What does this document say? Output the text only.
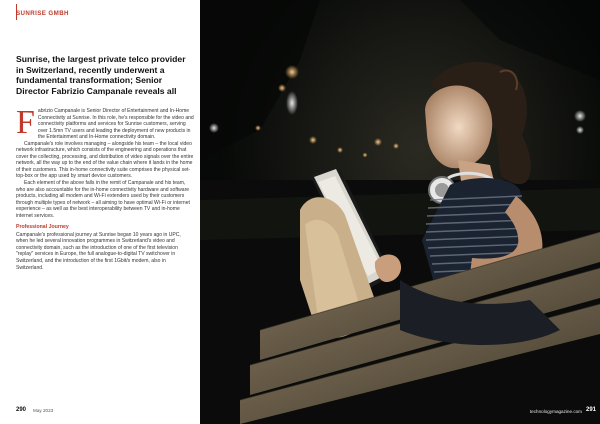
SUNRISE GMBH
Sunrise, the largest private telco provider in Switzerland, recently underwent a fundamental transformation; Senior Director Fabrizio Campanale reveals all
F abrizio Campanale is Senior Director of Entertainment and In-Home Connectivity at Sunrise. In this role, he's responsible for the video and connectivity platforms and services for Sunrise customers, serving over 1.5mn TV users and leading the deployment of new products in the Entertainment and In-Home connectivity domain.

Campanale's role involves managing – alongside his team – the local video network infrastructure, which consists of the engineering and operations that cover the collecting, processing, and distribution of video signals over the entire network, all the way up to the end of the value chain where it lands in the home of their customers. This in-home connectivity suite comprises the physical set-top-box or the app used by smart device customers.

Each element of the above falls in the remit of Campanale and his team, who are also accountable for the in-home connectivity hardware and software products, including all modem and Wi-Fi extenders used by their customers through multiple types of network – all aiming to have optimal Wi-Fi or internet experience – as well as the best interoperability between TV and in-home internet services.

Professional Journey

Campanale's professional journey at Sunrise began 10 years ago in UPC, when he led several innovation programmes in Switzerland's video and connectivity domain, such as the introduction of one of the first television "replay" services in Europe, the full analogue-to-digital TV switchover in Switzerland, and the introduction of the first 1Gbit/s modem, also in Switzerland.

290 May 2023	technologymagazine.com 291
